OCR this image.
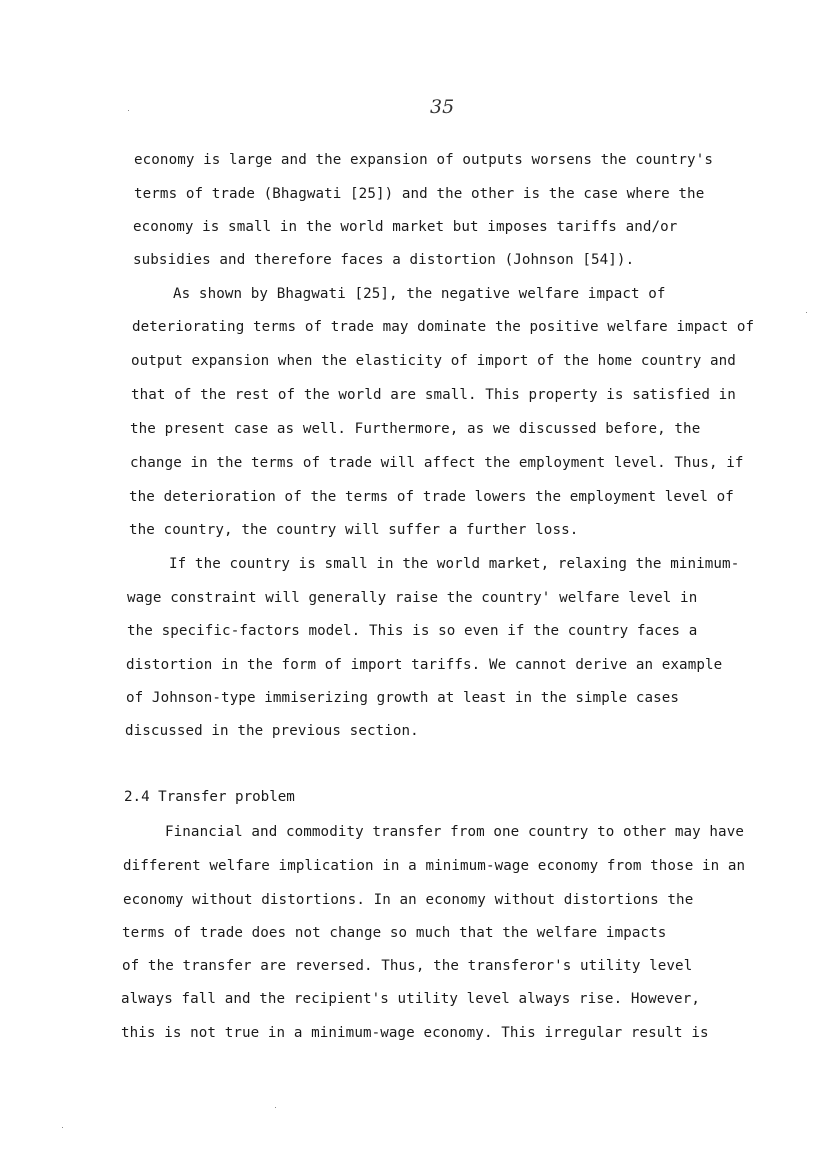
35
economy is large and the expansion of outputs worsens the country's
terms of trade (Bhagwati [25]) and the other is the case where the
economy is small in the world market but imposes tariffs and/or
subsidies and therefore faces a distortion (Johnson [54]).
As shown by Bhagwati [25], the negative welfare impact of
deteriorating terms of trade may dominate the positive welfare impact of
output expansion when the elasticity of import of the home country and
that of the rest of the world are small. This property is satisfied in
the present case as well. Furthermore, as we discussed before, the
change in the terms of trade will affect the employment level. Thus, if
the deterioration of the terms of trade lowers the employment level of
the country, the country will suffer a further loss.
If the country is small in the world market, relaxing the minimum-
wage constraint will generally raise the country' welfare level in
the specific-factors model. This is so even if the country faces a
distortion in the form of import tariffs. We cannot derive an example
of Johnson-type immiserizing growth at least in the simple cases
discussed in the previous section.
2.4 Transfer problem
Financial and commodity transfer from one country to other may have
different welfare implication in a minimum-wage economy from those in an
economy without distortions. In an economy without distortions the
terms of trade does not change so much that the welfare impacts
of the transfer are reversed. Thus, the transferor's utility level
always fall and the recipient's utility level always rise. However,
this is not true in a minimum-wage economy. This irregular result is
